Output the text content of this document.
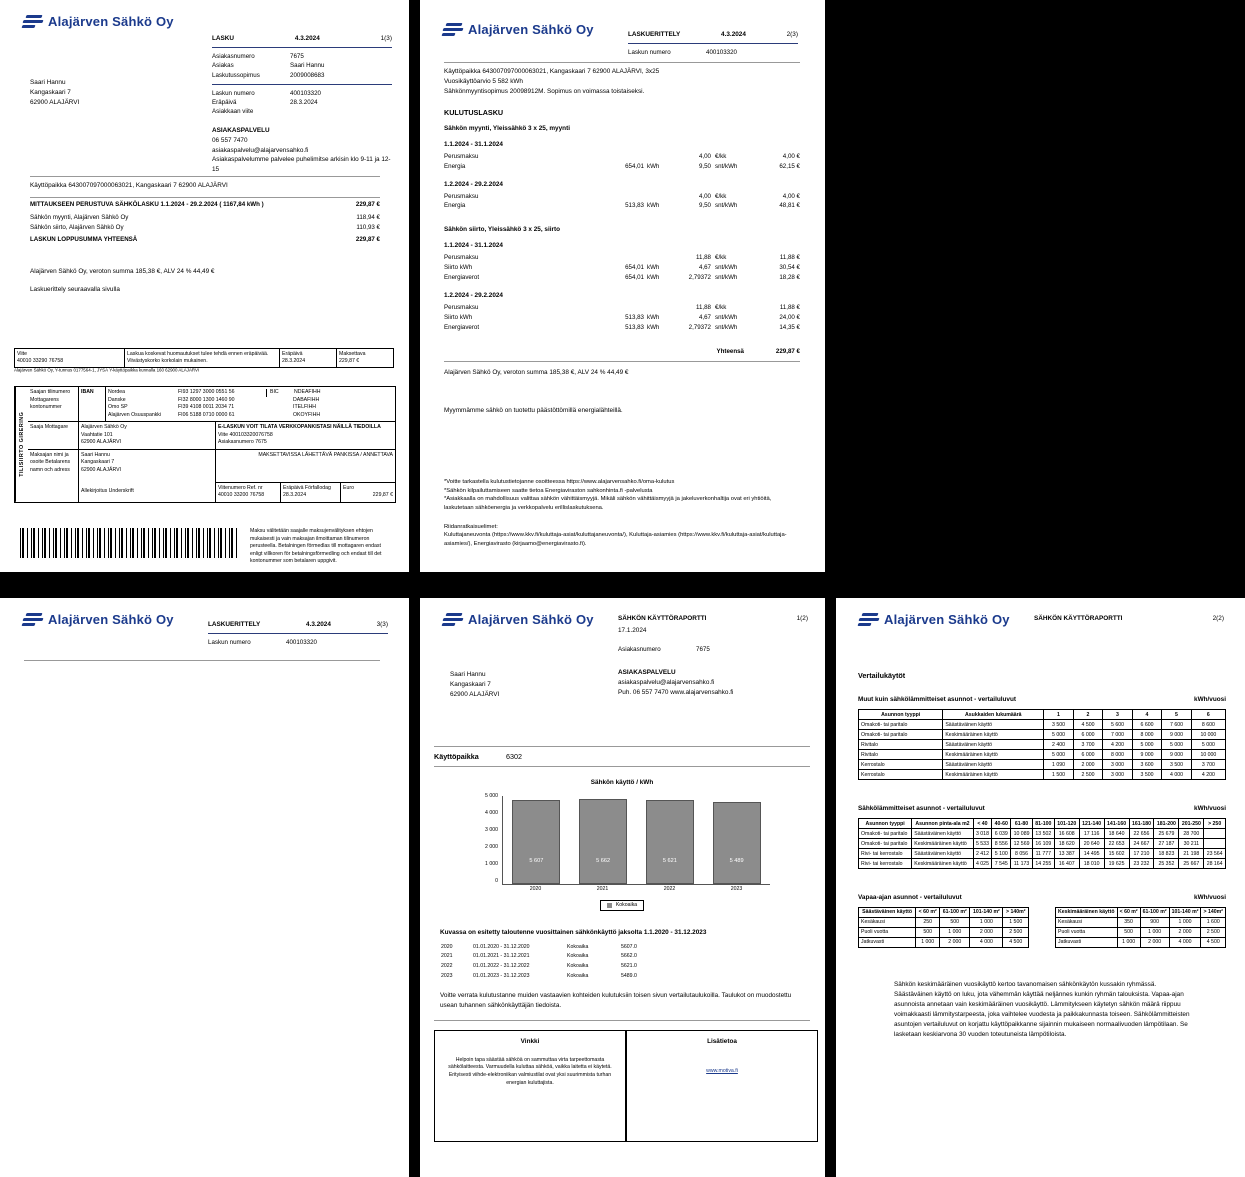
Alajärven Sähkö Oy
LASKU	4.3.2024	1(3)
Asiakasnumero	7675
Asiakas	Saari Hannu
Laskutussopimus	2009008683
Laskun numero	400103320
Eräpäivä	28.3.2024
Asiakkaan viite
ASIAKASPALVELU
06 557 7470
asiakaspalvelu@alajarvensahko.fi
Asiakaspalvelumme palvelee puhelimitse arkisin klo 9-11 ja 12-15
Saari Hannu
Kangaskaari 7
62900 ALAJÄRVI
Käyttöpaikka 643007097000063021, Kangaskaari 7 62900 ALAJÄRVI
MITTAUKSEEN PERUSTUVA SÄHKÖLASKU 1.1.2024 - 29.2.2024 ( 1167,84 kWh )	229,87 €
Sähkön myynti, Alajärven Sähkö Oy	118,94 €
Sähkön siirto, Alajärven Sähkö Oy	110,93 €
LASKUN LOPPUSUMMA YHTEENSÄ	229,87 €
Alajärven Sähkö Oy, veroton summa 185,38 €, ALV 24 % 44,49 €
Laskuerittely seuraavalla sivulla
Viite
40010 33290 76758

Laskua koskevat huomautukset tulee tehdä ennen eräpäivää.
Viivästyskorko korkolain mukainen.

Eräpäivä
28.3.2024

Maksettava
229,87 €
Alajärven Sähkö Oy, Y-tunnus 0177564-1, JYSÄ Y-käyttöpaikka kunnalla 160 62900 ALAJÄRVI
TILISIIRTO GIRERING
Saajan tilinumero Mottagarens kontonummer
IBAN	Nordea	FI93 1297 3000 0551 56	BIC	NDEAFIHH
Danske	FI32 8000 1300 1460 90	DABAFIHH
Omo SP	FI39 4108 0011 2034 71	ITELFIHH
Alajärven Osuuspankki	FI06 5188 0710 0000 61	OKOYFIHH
Saaja Mottagare	Alajärven Sähkö Oy
Vaahtatie 101
62900 ALAJÄRVI
E-LASKUN VOIT TILATA VERKKOPANKISTASI NÄILLÄ TIEDOILLA
Viite 400103320076758
Asiakasnumero 7675
Maksajan nimi ja osoite Betalarens namn och adress
Saari Hannu
Kangaskaari 7
62900 ALAJÄRVI
Allekirjoitus Underskrift
MAKSETTAVISSA LÄHETTÄVÄ PANKISSA / ANNETTAVA
Viitenumero Ref. nr
40010 33200 76758
Eräpäivä Förfallodag
28.3.2024
Euro
229,87 €
Maksu välitetään saajalle maksujenvälityksen ehtojen mukaisesti ja vain maksajan ilmoittaman tilinumeron perusteella. Betalningen förmedlas till mottagaren endast enligt villkoren för betalningsförmedling och endast till det kontonummer som betalaren uppgivit.
Alajärven Sähkö Oy	LASKUERITTELY	4.3.2024	2(3)
Laskun numero	400103320
Käyttöpaikka 643007097000063021, Kangaskaari 7 62900 ALAJÄRVI, 3x25
Vuosikäyttöarvio 5 582 kWh
Sähkönmyyntisopimus 20098912M. Sopimus on voimassa toistaiseksi.
KULUTUSLASKU
Sähkön myynti, Yleissähkö 3 x 25, myynti
1.1.2024 - 31.1.2024
Perusmaksu	4,00 €/kk	4,00 €
Energia	654,01 kWh	9,50 snt/kWh	62,15 €
1.2.2024 - 29.2.2024
Perusmaksu	4,00 €/kk	4,00 €
Energia	513,83 kWh	9,50 snt/kWh	48,81 €
Sähkön siirto, Yleissähkö 3 x 25, siirto
1.1.2024 - 31.1.2024
Perusmaksu	11,88 €/kk	11,88 €
Siirto kWh	654,01 kWh	4,67 snt/kWh	30,54 €
Energiaverot	654,01 kWh	2,79372 snt/kWh	18,28 €
1.2.2024 - 29.2.2024
Perusmaksu	11,88 €/kk	11,88 €
Siirto kWh	513,83 kWh	4,67 snt/kWh	24,00 €
Energiaverot	513,83 kWh	2,79372 snt/kWh	14,35 €
Yhteensä	229,87 €
Alajärven Sähkö Oy, veroton summa 185,38 €, ALV 24 % 44,49 €
Myymmämme sähkö on tuotettu päästöttömillä energialähteillä.
*Voitte tarkastella kulutustietojanne osoitteessa https://www.alajarvensahko.fi/oma-kulutus
*Sähkön kilpailuttamiseen saatte tietoa Energiaviraston sahkonhinta.fi -palvelusta
*Asiakkaalla on mahdollisuus valittaa sähkön vähittäismyyjä. Mikäli sähkön vähittäismyyjä ja jakeluverkonhaltija ovat eri yhtiöitä, laskutetaan sähköenergia ja verkkopalvelu erillislaskutuksena.
Riidanratkaisuelimet:
Kuluttajaneuvonta (https://www.kkv.fi/kuluttaja-asiat/kuluttajaneuvonta/), Kuluttaja-asiamies (https://www.kkv.fi/kuluttaja-asiat/kuluttaja-asiamies/), Energiavirasto (kirjaamo@energiavirasto.fi).
Alajärven Sähkö Oy	LASKUERITTELY	4.3.2024	3(3)
Laskun numero	400103320
Alajärven Sähkö Oy	SÄHKÖN KÄYTTÖRAPORTTI	1(2)
17.1.2024
Asiakasnumero	7675
ASIAKASPALVELU
asiakaspalvelu@alajarvensahko.fi
Puh. 06 557 7470 www.alajarvensahko.fi
Saari Hannu
Kangaskaari 7
62900 ALAJÄRVI
Käyttöpaikka	6302
Sähkön käyttö / kWh
5 000
4 000
3 000
2 000
1 000
0
5 607	5 662	5 621	5 489
2020	2021	2022	2023
Kokoaika
Kuvassa on esitetty taloutenne vuosittainen sähkönkäyttö jaksolta 1.1.2020 - 31.12.2023
2020	01.01.2020 - 31.12.2020	Kokoaika	5607.0
2021	01.01.2021 - 31.12.2021	Kokoaika	5662.0
2022	01.01.2022 - 31.12.2022	Kokoaika	5621.0
2023	01.01.2023 - 31.12.2023	Kokoaika	5489.0
Voitte verrata kulutustanne muiden vastaavien kohteiden kulutuksiin toisen sivun vertailutaulukoilla. Taulukot on muodostettu usean tuhannen sähkönkäyttäjän tiedoista.
Vinkki
Helpoin tapa säästää sähköä on sammuttaa virta tarpeettomasta sähkölaitteesta. Varmuudella kuluttaa sähköä, vaikka laitetta ei käytetä. Erityisesti viihde-elektroniikan valmiustilat ovat yksi suurimmista turhan energian kuluttajista.
Lisätietoa
www.motiva.fi
Alajärven Sähkö Oy	SÄHKÖN KÄYTTÖRAPORTTI	2(2)
Vertailukäytöt
Muut kuin sähkölämmitteiset asunnot - vertailuluvut	kWh/vuosi
Asunnon tyyppi	Asukkaiden lukumäärä	1	2	3	4	5	6
Omakoti- tai paritalo	Säästäväinen käyttö	3 500	4 500	5 600	6 600	7 600	8 600
Omakoti- tai paritalo	Keskimääräinen käyttö	5 000	6 000	7 000	8 000	9 000	10 000
Rivitalo	Säästäväinen käyttö	2 400	3 700	4 200	5 000	5 000	5 000
Rivitalo	Keskimääräinen käyttö	5 000	6 000	8 000	9 000	9 000	10 000
Kerrostalo	Säästäväinen käyttö	1 090	2 000	3 000	3 600	3 500	3 700
Kerrostalo	Keskimääräinen käyttö	1 500	2 500	3 000	3 500	4 000	4 200
Sähkölämmitteiset asunnot - vertailuluvut	kWh/vuosi
Asunnon tyyppi	Asunnon pinta-ala m2	< 40	40-60	61-80	81-100	101-120	121-140	141-160	161-180	181-200	201-250	> 250
Omakoti- tai paritalo	Säästäväinen käyttö	3 018	6 039	10 089	13 502	16 608	17 116	18 640	22 656	25 679	28 700	
Omakoti- tai paritalo	Keskimääräinen käyttö	5 533	8 556	12 569	16 109	18 620	20 640	22 653	24 667	27 187	30 211	
Rivi- tai kerrostalo	Säästäväinen käyttö	2 412	5 100	8 056	11 777	13 387	14 495	15 602	17 210	18 823	21 198	23 564
Rivi- tai kerrostalo	Keskimääräinen käyttö	4 025	7 545	11 173	14 255	16 407	18 010	19 625	23 232	25 352	25 667	28 164
Vapaa-ajan asunnot - vertailuluvut	kWh/vuosi
Säästäväinen käyttö	< 60 m²	61-100 m²	101-140 m²	> 140m²
Kesäkausi	250	500	1 000	1 500
Puoli vuotta	500	1 000	2 000	2 500
Jatkuvasti	1 000	2 000	4 000	4 500
Keskimääräinen käyttö	< 60 m²	61-100 m²	101-140 m²	> 140m²
Kesäkausi	350	900	1 000	1 600
Puoli vuotta	500	1 000	2 000	2 500
Jatkuvasti	1 000	2 000	4 000	4 500
Sähkön keskimääräinen vuosikäyttö kertoo tavanomaisen sähkönkäytön kussakin ryhmässä. Säästäväinen käyttö on luku, jota vähemmän käyttää neljännes kunkin ryhmän talouksista. Vapaa-ajan asunnoista annetaan vain keskimääräinen vuosikäyttö. Lämmitykseen käytetyn sähkön määrä riippuu voimakkaasti lämmitystarpeesta, joka vaihtelee vuodesta ja paikkakunnasta toiseen. Sähkölämmitteisten asuntojen vertailuluvut on korjattu käyttöpaikkanne sijainnin mukaiseen normaalivuoden lämpötilaan. Se lasketaan keskiarvona 30 vuoden toteutuneista lämpötiloista.
